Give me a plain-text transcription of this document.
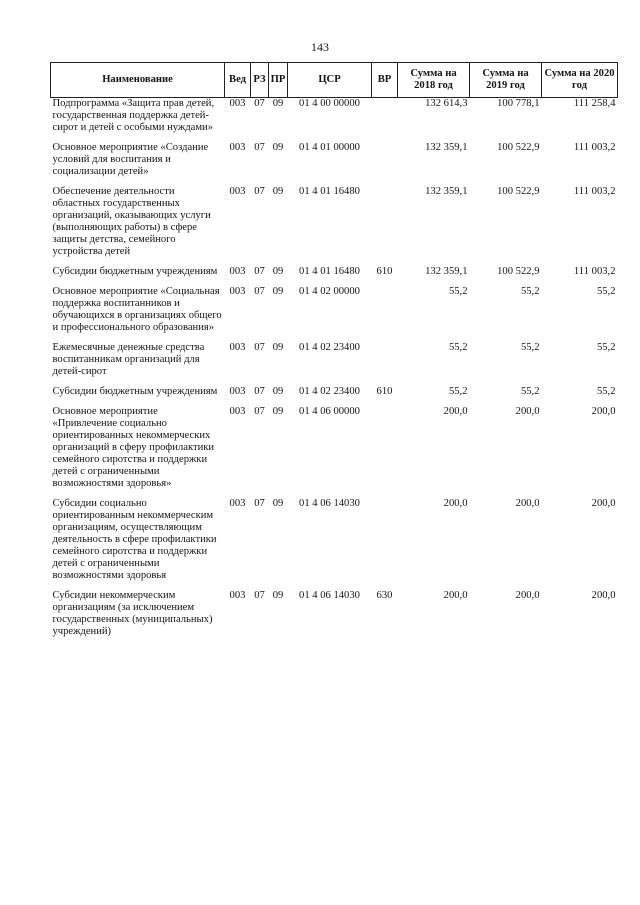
143
Наименование	Вед	РЗ	ПР	ЦСР	ВР	Сумма на 2018 год	Сумма на 2019 год	Сумма на 2020 год
Подпрограмма «Защита прав детей, государственная поддержка детей-сирот и детей с особыми нуждами»	003	07	09	01 4 00 00000		132 614,3	100 778,1	111 258,4
Основное мероприятие «Создание условий для воспитания и социализации детей»	003	07	09	01 4 01 00000		132 359,1	100 522,9	111 003,2
Обеспечение деятельности областных государственных организаций, оказывающих услуги (выполняющих работы) в сфере защиты детства, семейного устройства детей	003	07	09	01 4 01 16480		132 359,1	100 522,9	111 003,2
Субсидии бюджетным учреждениям	003	07	09	01 4 01 16480	610	132 359,1	100 522,9	111 003,2
Основное мероприятие «Социальная поддержка воспитанников и обучающихся в организациях общего и профессионального образования»	003	07	09	01 4 02 00000		55,2	55,2	55,2
Ежемесячные денежные средства воспитанникам организаций для детей-сирот	003	07	09	01 4 02 23400		55,2	55,2	55,2
Субсидии бюджетным учреждениям	003	07	09	01 4 02 23400	610	55,2	55,2	55,2
Основное мероприятие «Привлечение социально ориентированных некоммерческих организаций в сферу профилактики семейного сиротства и поддержки детей с ограниченными возможностями здоровья»	003	07	09	01 4 06 00000		200,0	200,0	200,0
Субсидии социально ориентированным некоммерческим организациям, осуществляющим деятельность в сфере профилактики семейного сиротства и поддержки детей с ограниченными возможностями здоровья	003	07	09	01 4 06 14030		200,0	200,0	200,0
Субсидии некоммерческим организациям (за исключением государственных (муниципальных) учреждений)	003	07	09	01 4 06 14030	630	200,0	200,0	200,0
